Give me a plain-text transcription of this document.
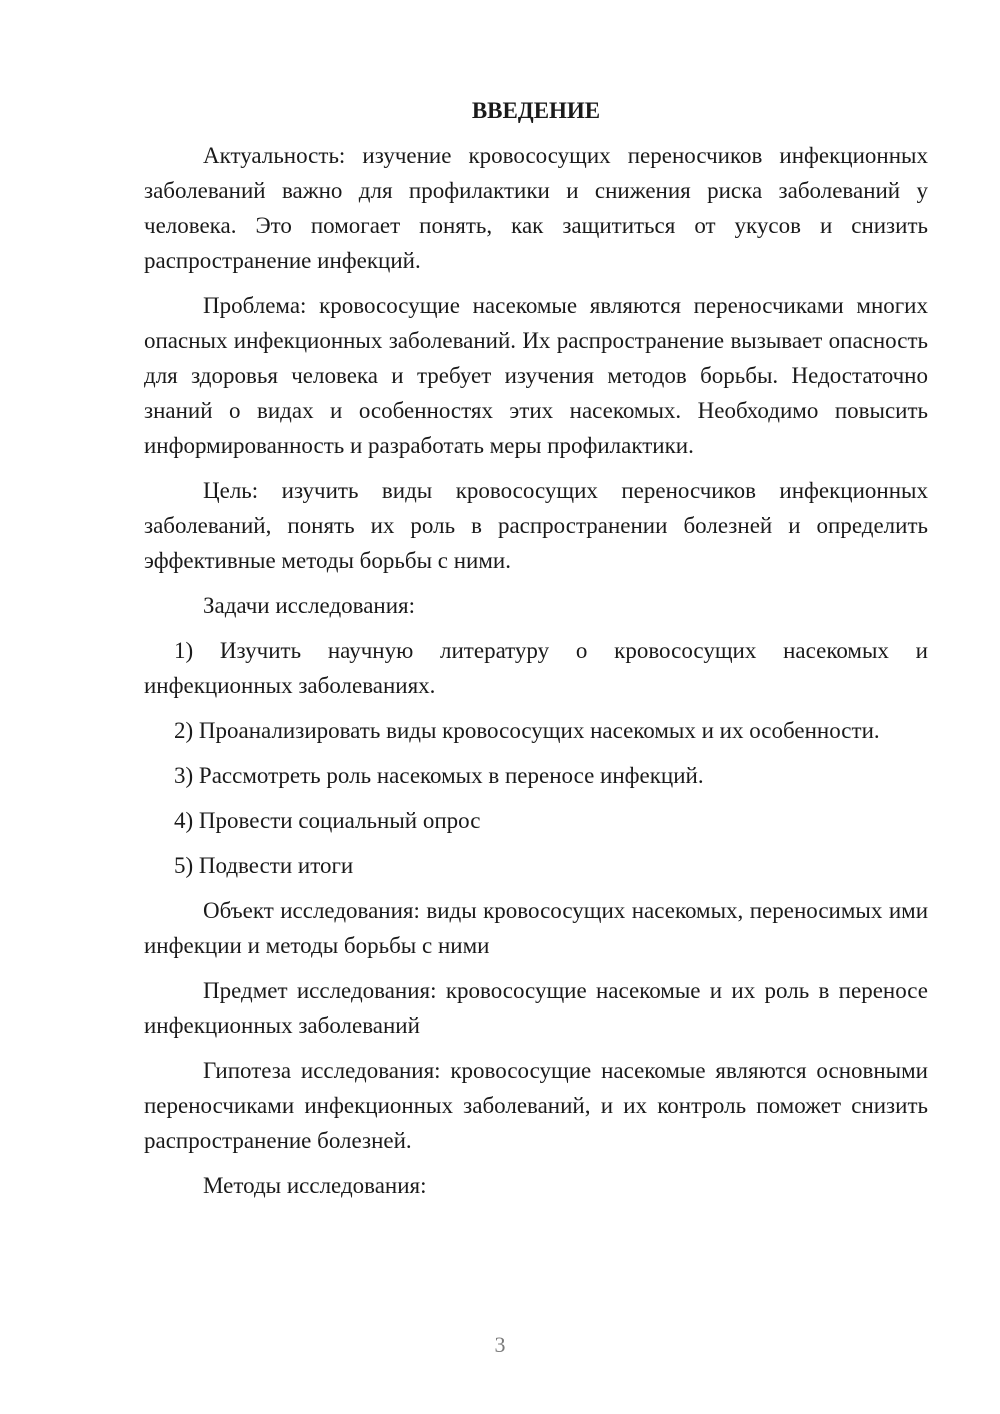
ВВЕДЕНИЕ

Актуальность: изучение кровососущих переносчиков инфекционных заболеваний важно для профилактики и снижения риска заболеваний у человека. Это помогает понять, как защититься от укусов и снизить распространение инфекций.

Проблема: кровососущие насекомые являются переносчиками многих опасных инфекционных заболеваний. Их распространение вызывает опасность для здоровья человека и требует изучения методов борьбы. Недостаточно знаний о видах и особенностях этих насекомых. Необходимо повысить информированность и разработать меры профилактики.

Цель: изучить виды кровососущих переносчиков инфекционных заболеваний, понять их роль в распространении болезней и определить эффективные методы борьбы с ними.

Задачи исследования:

1) Изучить научную литературу о кровососущих насекомых и инфекционных заболеваниях.

2) Проанализировать виды кровососущих насекомых и их особенности.

3) Рассмотреть роль насекомых в переносе инфекций.

4) Провести социальный опрос

5) Подвести итоги

Объект исследования: виды кровососущих насекомых, переносимых ими инфекции и методы борьбы с ними

Предмет исследования: кровососущие насекомые и их роль в переносе инфекционных заболеваний

Гипотеза исследования: кровососущие насекомые являются основными переносчиками инфекционных заболеваний, и их контроль поможет снизить распространение болезней.

Методы исследования:

3
